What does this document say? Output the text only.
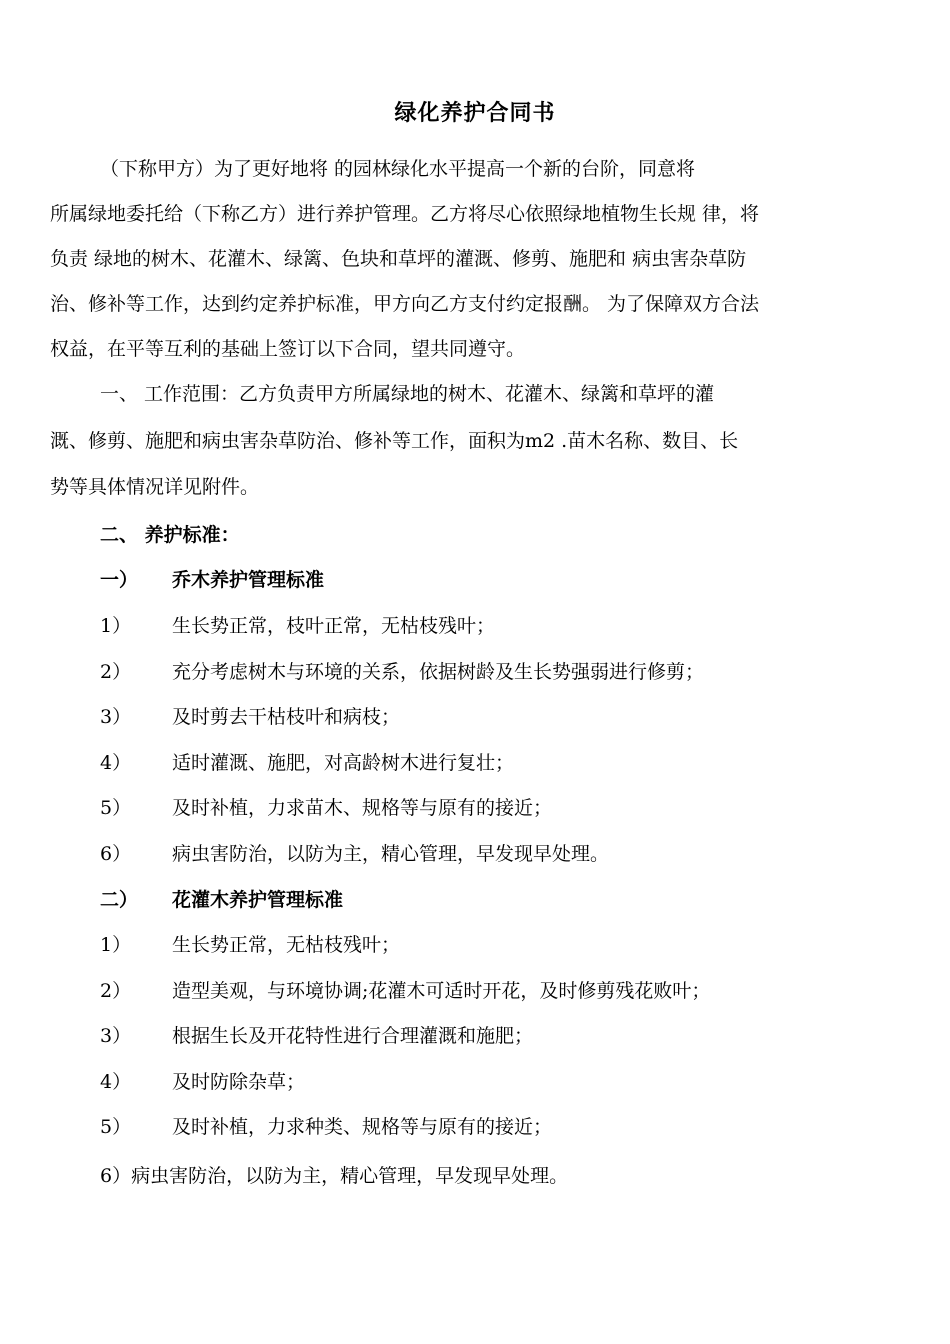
绿化养护合同书
（下称甲方）为了更好地将 的园林绿化水平提高一个新的台阶，同意将
所属绿地委托给（下称乙方）进行养护管理。乙方将尽心依照绿地植物生长规 律，将
负责 绿地的树木、花灌木、绿篱、色块和草坪的灌溉、修剪、施肥和 病虫害杂草防
治、修补等工作，达到约定养护标准，甲方向乙方支付约定报酬。 为了保障双方合法
权益，在平等互利的基础上签订以下合同，望共同遵守。
一、 工作范围：乙方负责甲方所属绿地的树木、花灌木、绿篱和草坪的灌
溉、修剪、施肥和病虫害杂草防治、修补等工作，面积为m2 .苗木名称、数目、长
势等具体情况详见附件。
二、 养护标准：
一） 乔木养护管理标准
1） 生长势正常，枝叶正常，无枯枝残叶；
2） 充分考虑树木与环境的关系，依据树龄及生长势强弱进行修剪；
3） 及时剪去干枯枝叶和病枝；
4） 适时灌溉、施肥，对高龄树木进行复壮；
5） 及时补植，力求苗木、规格等与原有的接近；
6） 病虫害防治，以防为主，精心管理，早发现早处理。
二） 花灌木养护管理标准
1） 生长势正常，无枯枝残叶；
2） 造型美观，与环境协调;花灌木可适时开花，及时修剪残花败叶；
3） 根据生长及开花特性进行合理灌溉和施肥；
4） 及时防除杂草；
5） 及时补植，力求种类、规格等与原有的接近；
6）病虫害防治，以防为主，精心管理，早发现早处理。
